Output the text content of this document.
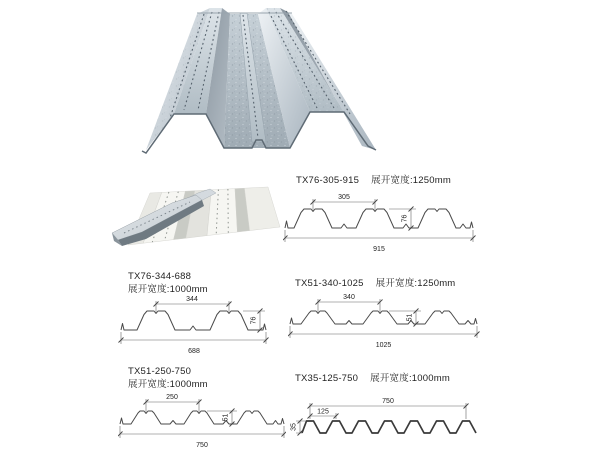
TX76-305-915 展开宽度:1250mm
305
76
915
TX76-344-688
展开宽度:1000mm
344
76
688
TX51-340-1025 展开宽度:1250mm
340
51
1025
TX51-250-750
展开宽度:1000mm
250
51
750
TX35-125-750 展开宽度:1000mm
750
125
35
